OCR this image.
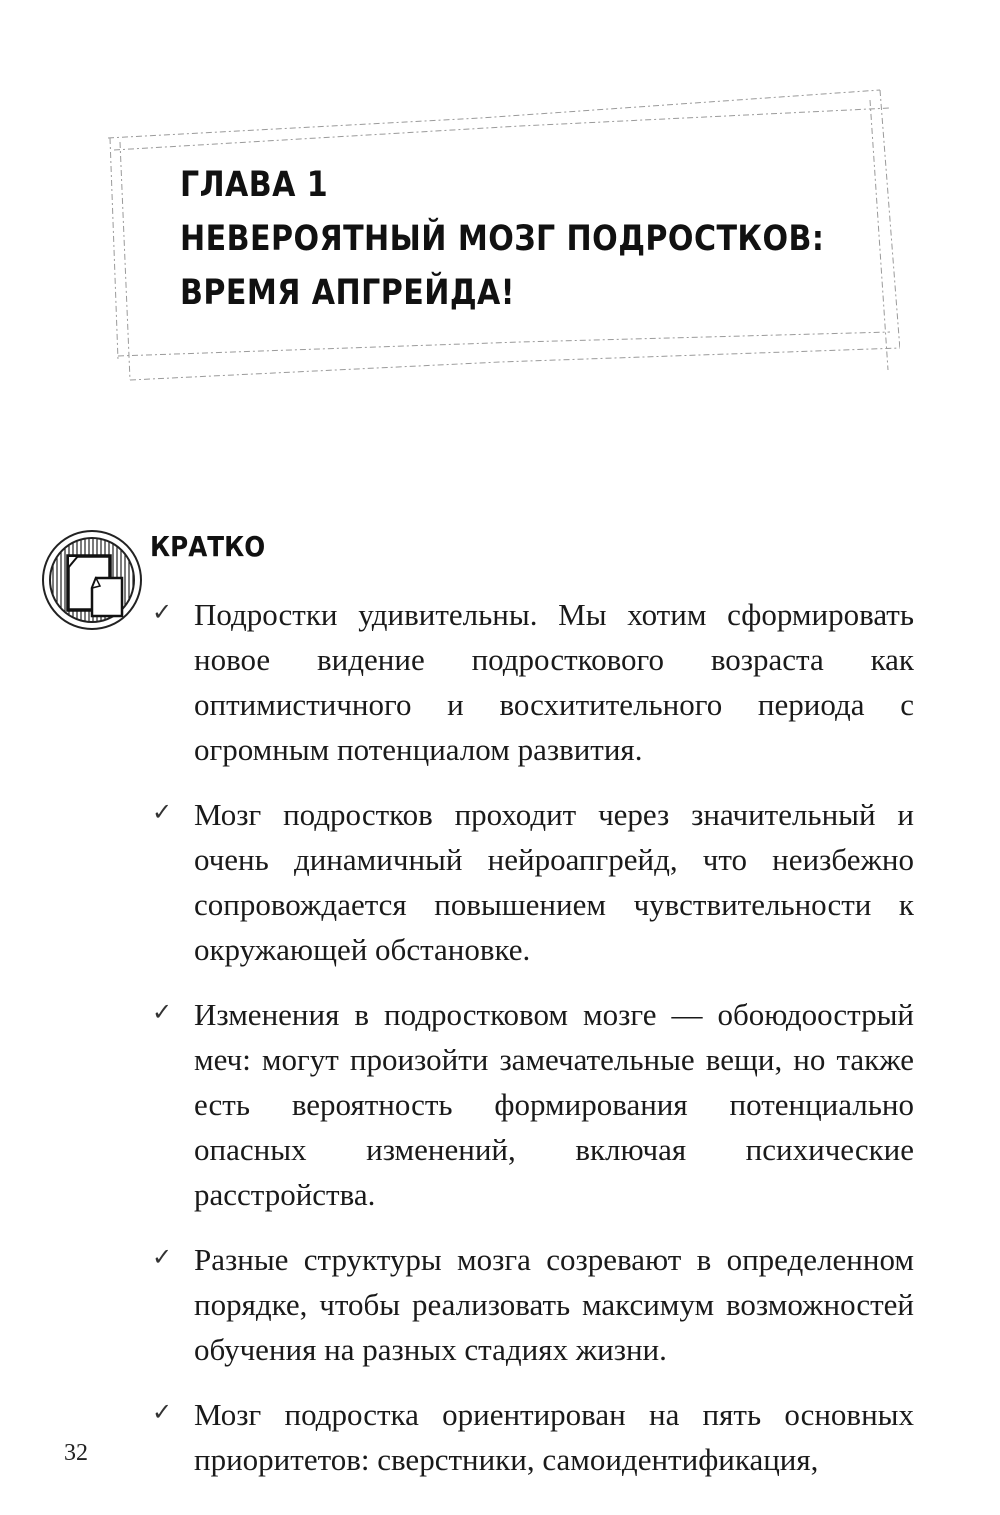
ГЛАВА 1
НЕВЕРОЯТНЫЙ МОЗГ ПОДРОСТКОВ:
ВРЕМЯ АПГРЕЙДА!
КРАТКО
✓ Подростки удивительны. Мы хотим сформировать новое видение подросткового возраста как оптимистичного и восхитительного периода с огромным потенциалом развития.
✓ Мозг подростков проходит через значительный и очень динамичный нейроапгрейд, что неизбежно сопровождается повышением чувствительности к окружающей обстановке.
✓ Изменения в подростковом мозге — обоюдоострый меч: могут произойти замечательные вещи, но также есть вероятность формирования потенциально опасных изменений, включая психические расстройства.
✓ Разные структуры мозга созревают в определенном порядке, чтобы реализовать максимум возможностей обучения на разных стадиях жизни.
✓ Мозг подростка ориентирован на пять основных приоритетов: сверстники, самоидентификация,
32
